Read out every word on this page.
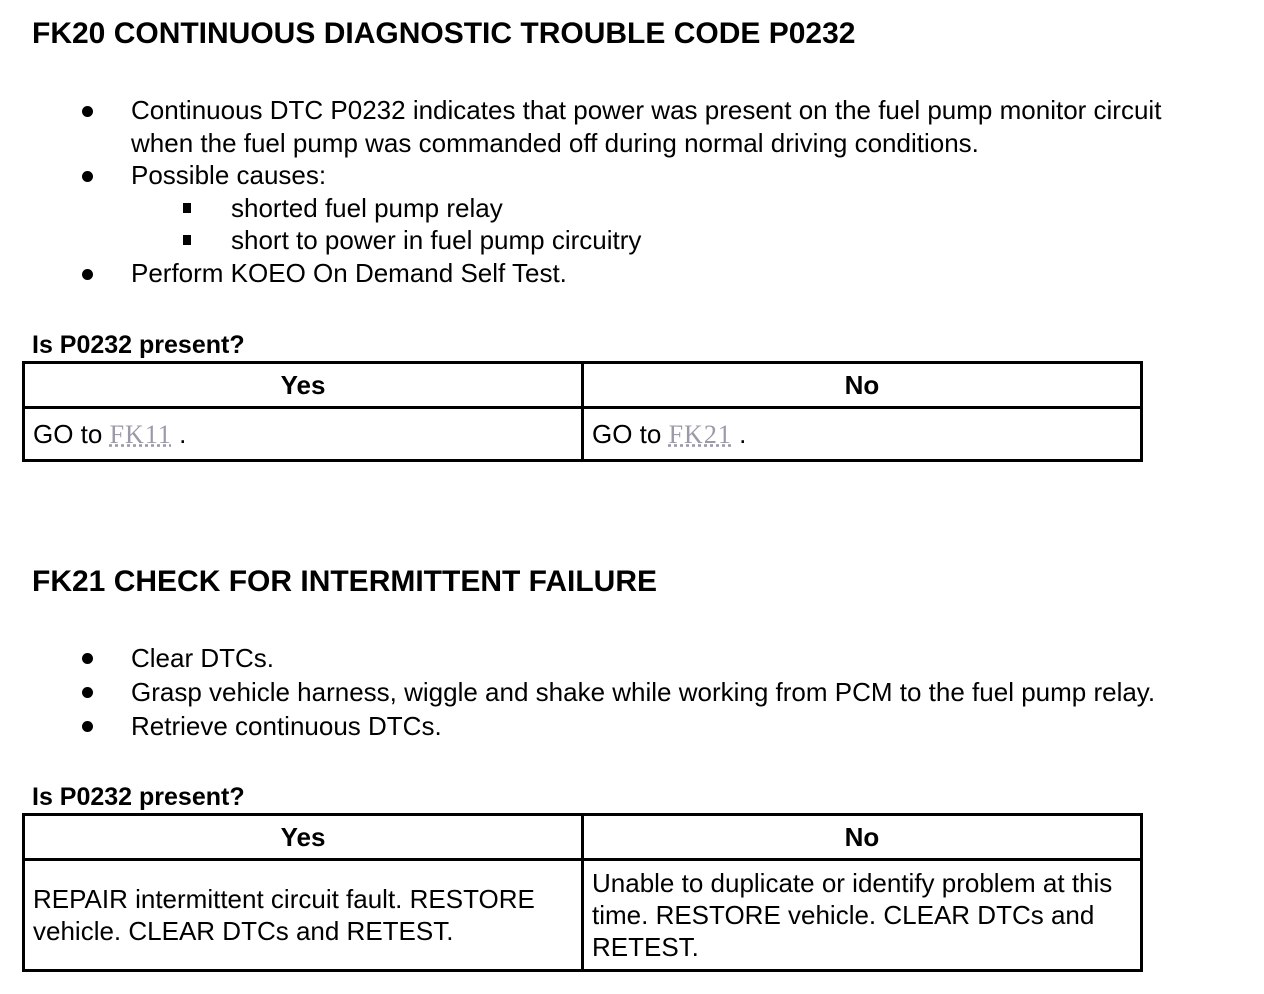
FK20 CONTINUOUS DIAGNOSTIC TROUBLE CODE P0232
Continuous DTC P0232 indicates that power was present on the fuel pump monitor circuit when the fuel pump was commanded off during normal driving conditions.
Possible causes:
shorted fuel pump relay
short to power in fuel pump circuitry
Perform KOEO On Demand Self Test.

Is P0232 present?

Yes	No
GO to FK11 .	GO to FK21 .
FK21 CHECK FOR INTERMITTENT FAILURE
Clear DTCs.
Grasp vehicle harness, wiggle and shake while working from PCM to the fuel pump relay.
Retrieve continuous DTCs.

Is P0232 present?

Yes	No
REPAIR intermittent circuit fault. RESTORE vehicle. CLEAR DTCs and RETEST.	Unable to duplicate or identify problem at this time. RESTORE vehicle. CLEAR DTCs and RETEST.
